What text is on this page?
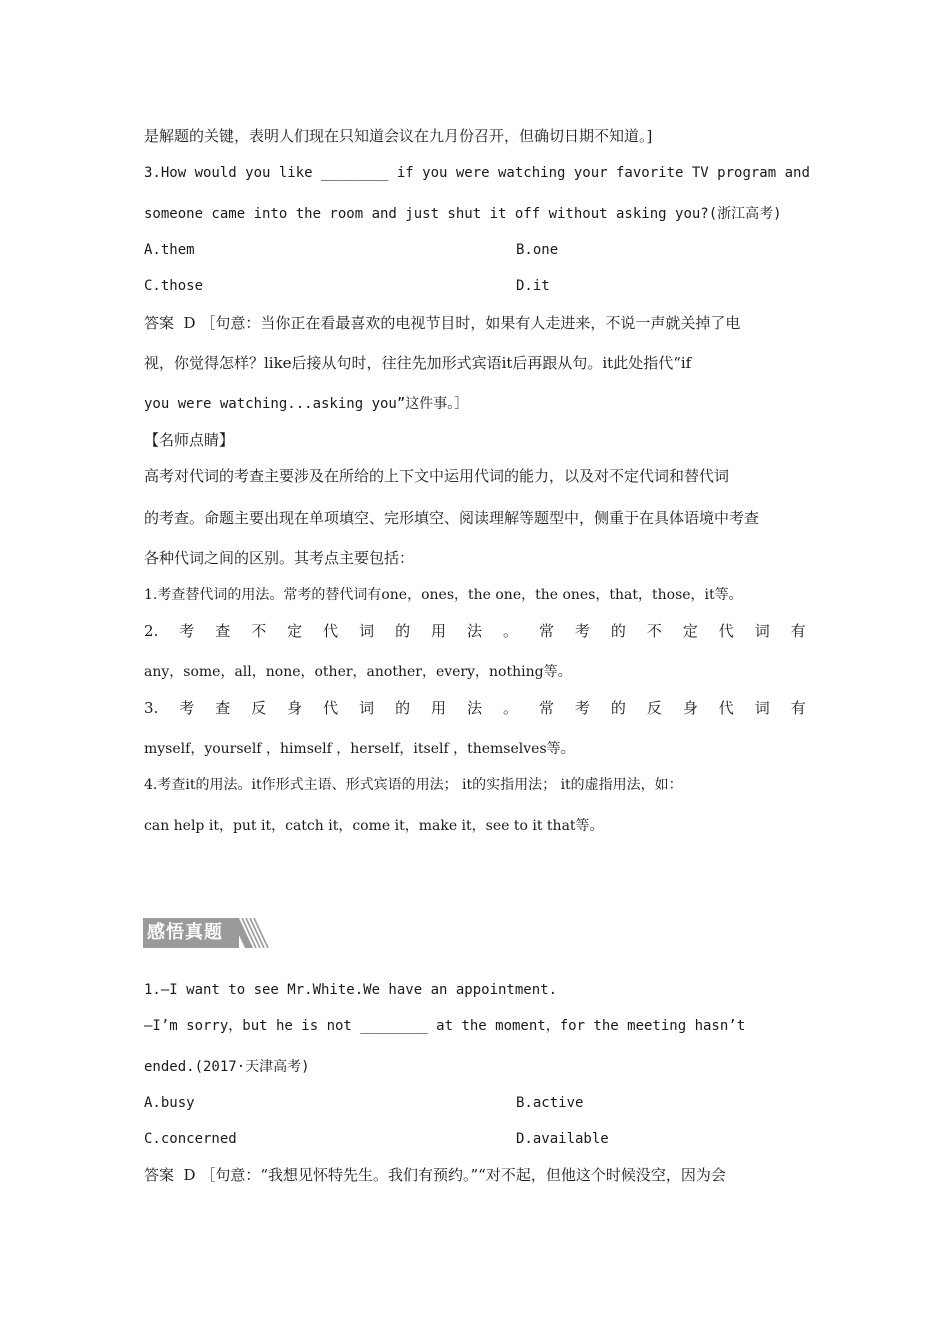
是解题的关键，表明人们现在只知道会议在九月份召开，但确切日期不知道。]
3.How would you like ________ if you were watching your favorite TV program and
someone came into the room and just shut it off without asking you?(浙江高考)
A.them	B.one
C.those	D.it
答案  D ［句意：当你正在看最喜欢的电视节目时，如果有人走进来，不说一声就关掉了电
视，你觉得怎样？like后接从句时，往往先加形式宾语it后再跟从句。it此处指代“if
you were watching...asking you”这件事。］
【名师点睛】
高考对代词的考查主要涉及在所给的上下文中运用代词的能力，以及对不定代词和替代词
的考查。命题主要出现在单项填空、完形填空、阅读理解等题型中，侧重于在具体语境中考查
各种代词之间的区别。其考点主要包括：
1.考查替代词的用法。常考的替代词有one，ones，the one，the ones，that，those，it等。
2. 考 查 不 定 代 词 的 用 法 。 常 考 的 不 定 代 词 有
any，some，all，none，other，another，every，nothing等。
3. 考 查 反 身 代 词 的 用 法 。 常 考 的 反 身 代 词 有
myself，yourself ，himself ，herself，itself ，themselves等。
4.考查it的用法。it作形式主语、形式宾语的用法； it的实指用法； it的虚指用法，如：
can help it，put it，catch it，come it，make it，see to it that等。
感悟真题
1.—I want to see Mr.White.We have an appointment.
—I’m sorry，but he is not ________ at the moment，for the meeting hasn’t
ended.(2017·天津高考)
A.busy	B.active
C.concerned	D.available
答案  D ［句意：“我想见怀特先生。我们有预约。”“对不起，但他这个时候没空，因为会
